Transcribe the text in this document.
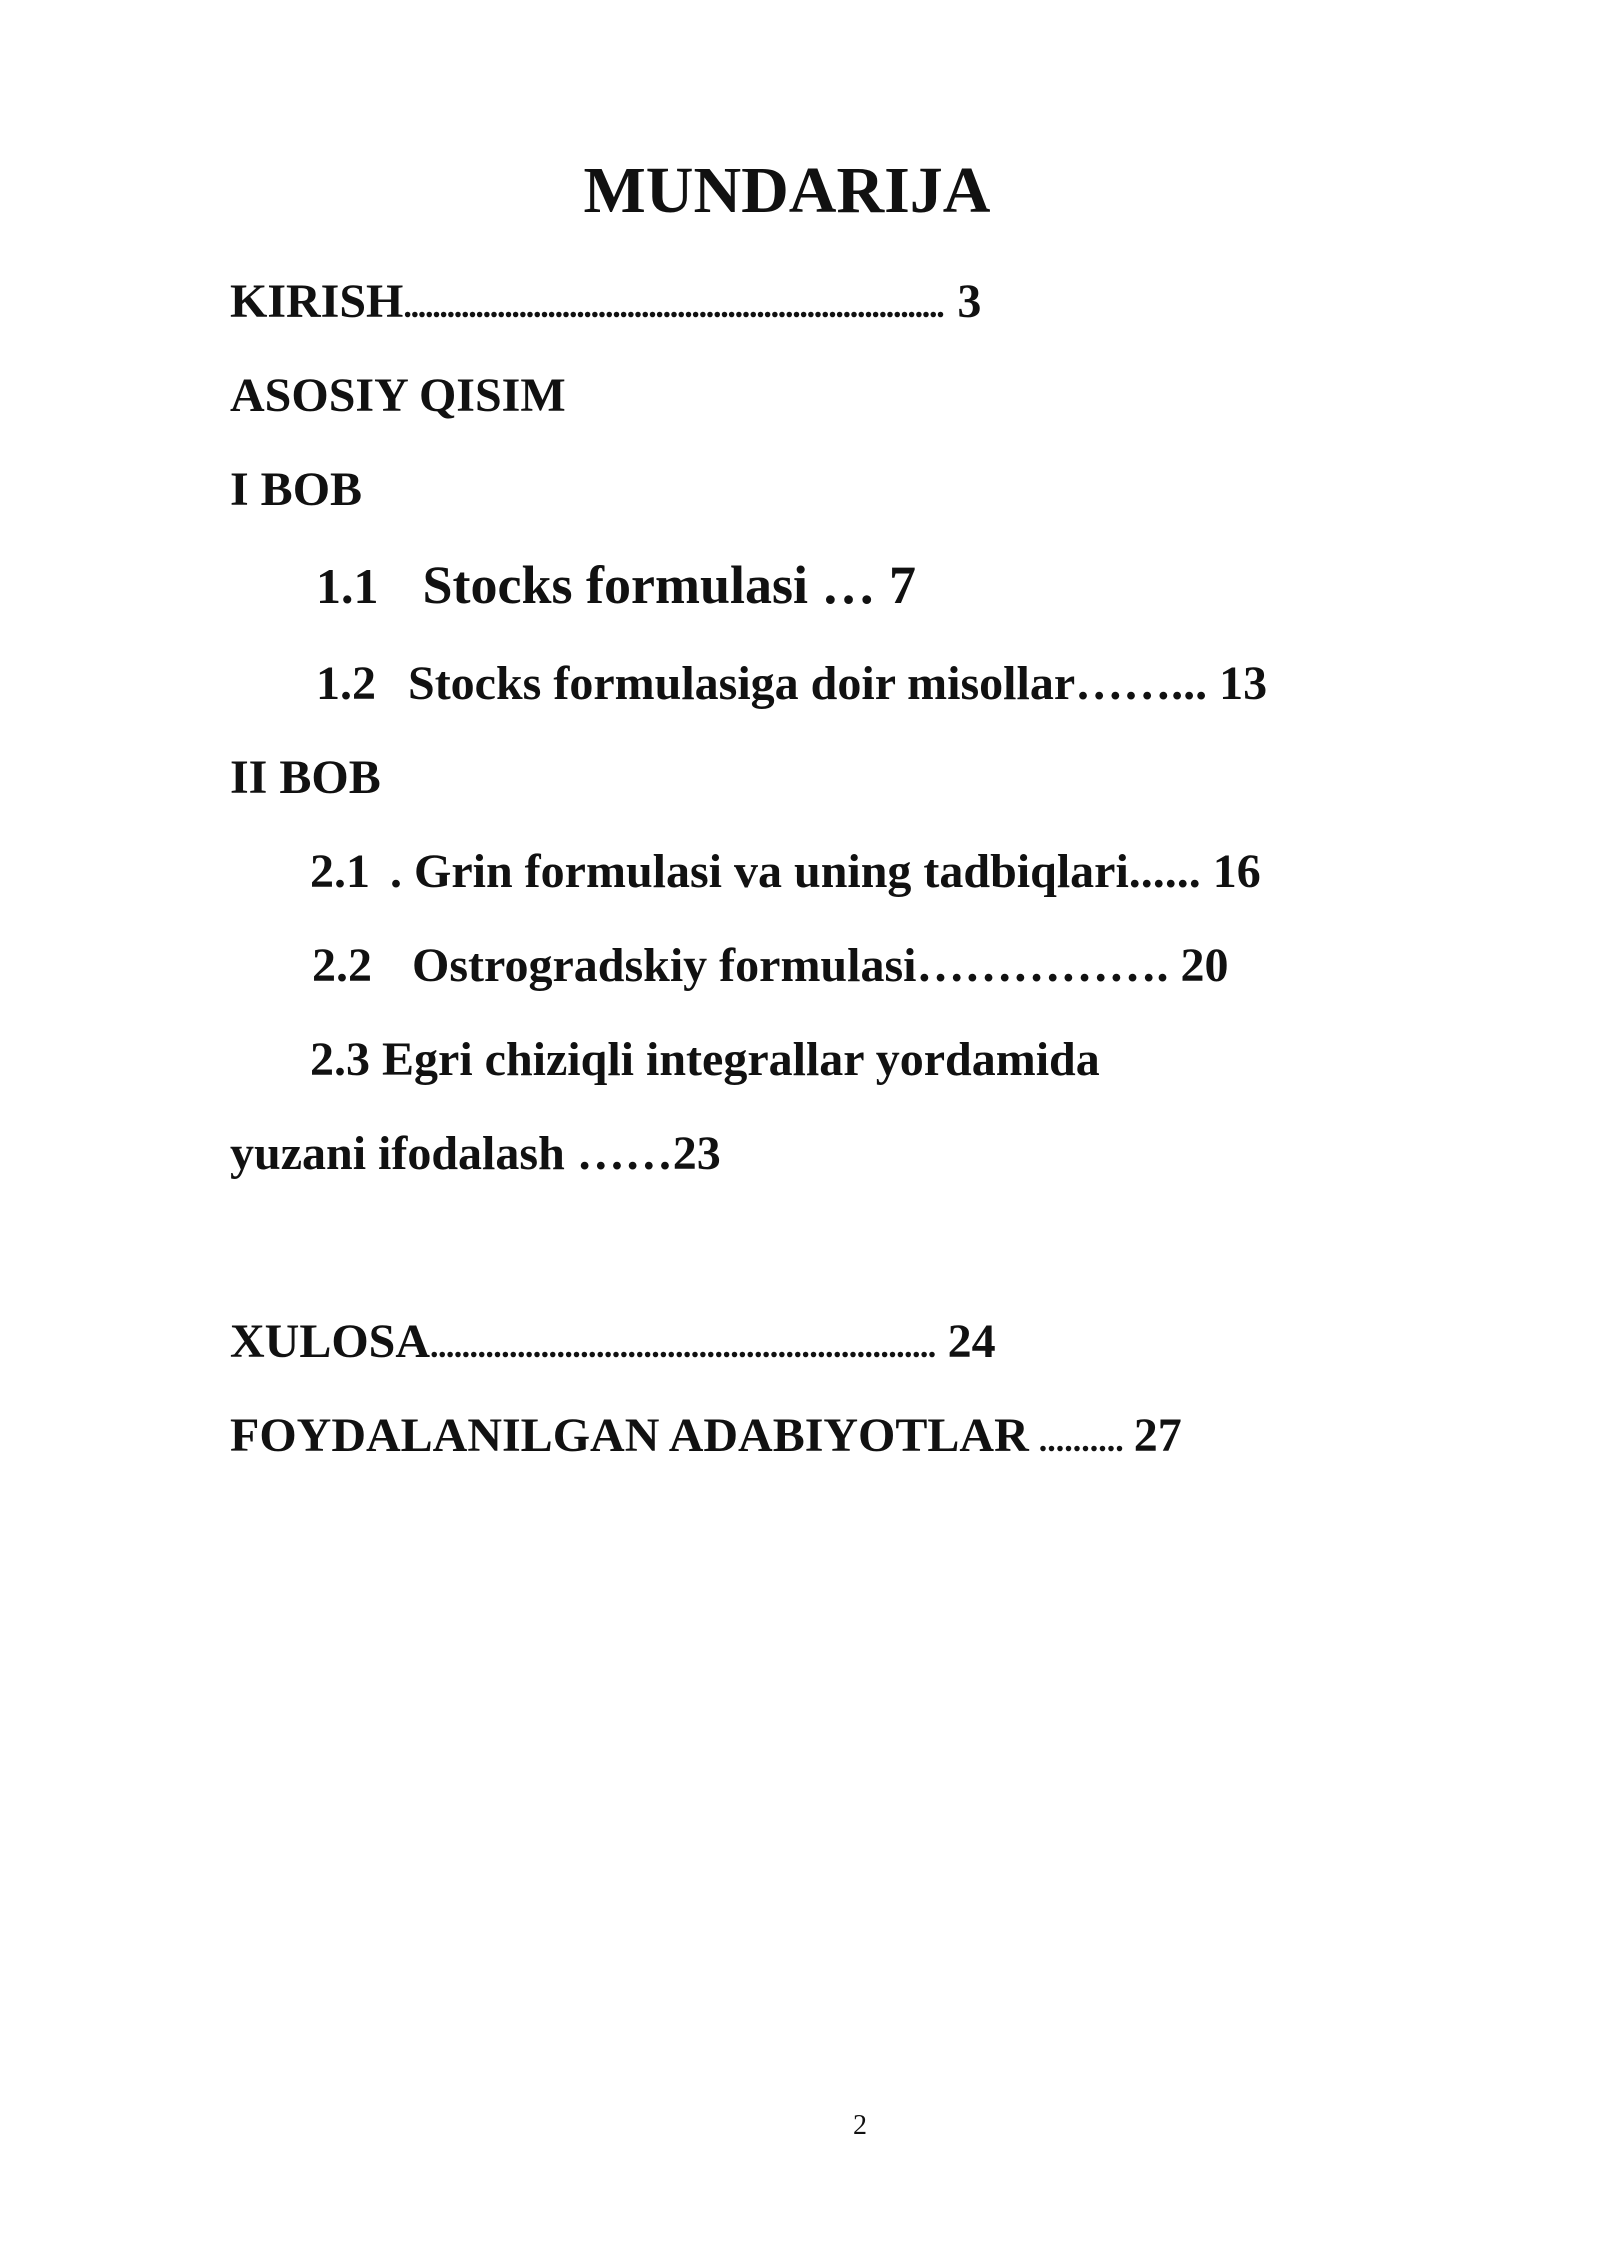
MUNDARIJA
KIRISH........................................................................... 3
ASOSIY QISIM
I BOB
1.1 Stocks formulasi … 7
1.2 Stocks formulasiga doir misollar……... 13
II BOB
2.1 . Grin formulasi va uning tadbiqlari...... 16
2.2 Ostrogradskiy formulasi……………. 20
2.3 Egri chiziqli integrallar yordamida
yuzani ifodalash ……23
XULOSA................................................................ 24
FOYDALANILGAN ADABIYOTLAR .......... 27
2
